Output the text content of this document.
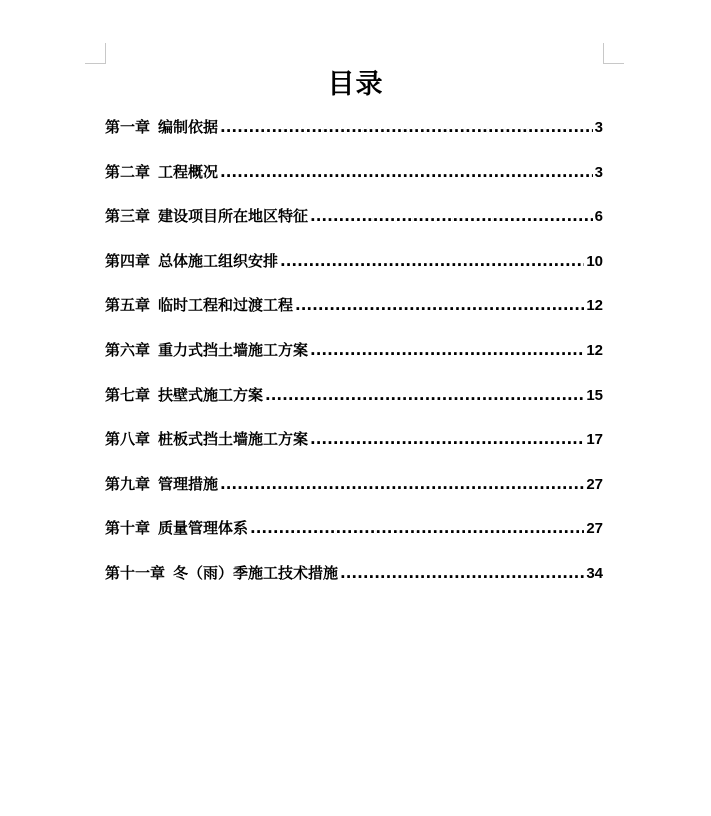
目录
第一章 编制依据 .....	3
第二章 工程概况 .....	3
第三章 建设项目所在地区特征 .....	6
第四章 总体施工组织安排 .....	10
第五章 临时工程和过渡工程 .....	12
第六章 重力式挡土墙施工方案 .....	12
第七章 扶壁式施工方案 .....	15
第八章 桩板式挡土墙施工方案 .....	17
第九章 管理措施 .....	27
第十章 质量管理体系 .....	27
第十一章 冬（雨）季施工技术措施 .....	34
